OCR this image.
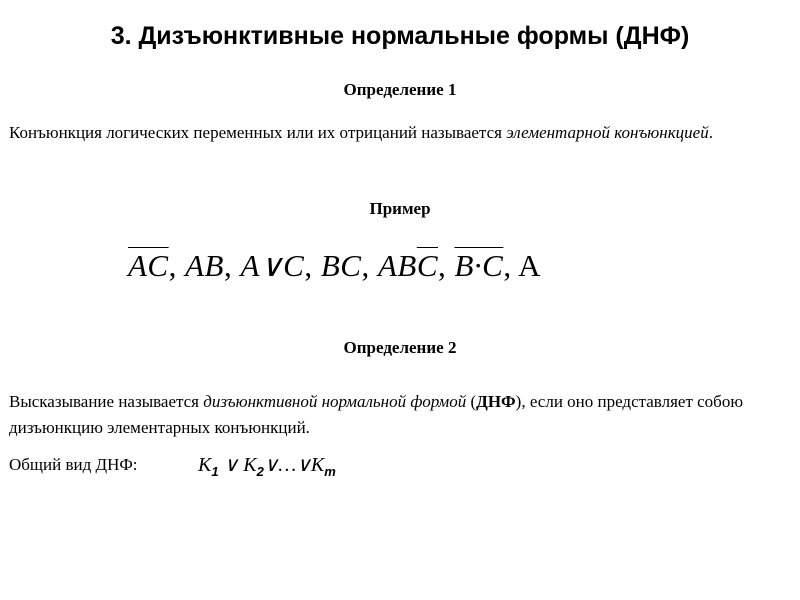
3. Дизъюнктивные нормальные формы (ДНФ)
Определение 1
Конъюнкция логических переменных или их отрицаний называется элементарной конъюнкцией.
Пример
$\overline{AC}$, AB, A∨C, BC, $AB\overline{C}$, B·C, A
Определение 2
Высказывание называется дизъюнктивной нормальной формой (ДНФ), если оно представляет собою дизъюнкцию элементарных конъюнкций.
Общий вид ДНФ:	$K_1$ ∨ $K_2\vee\dots\vee K_m$
